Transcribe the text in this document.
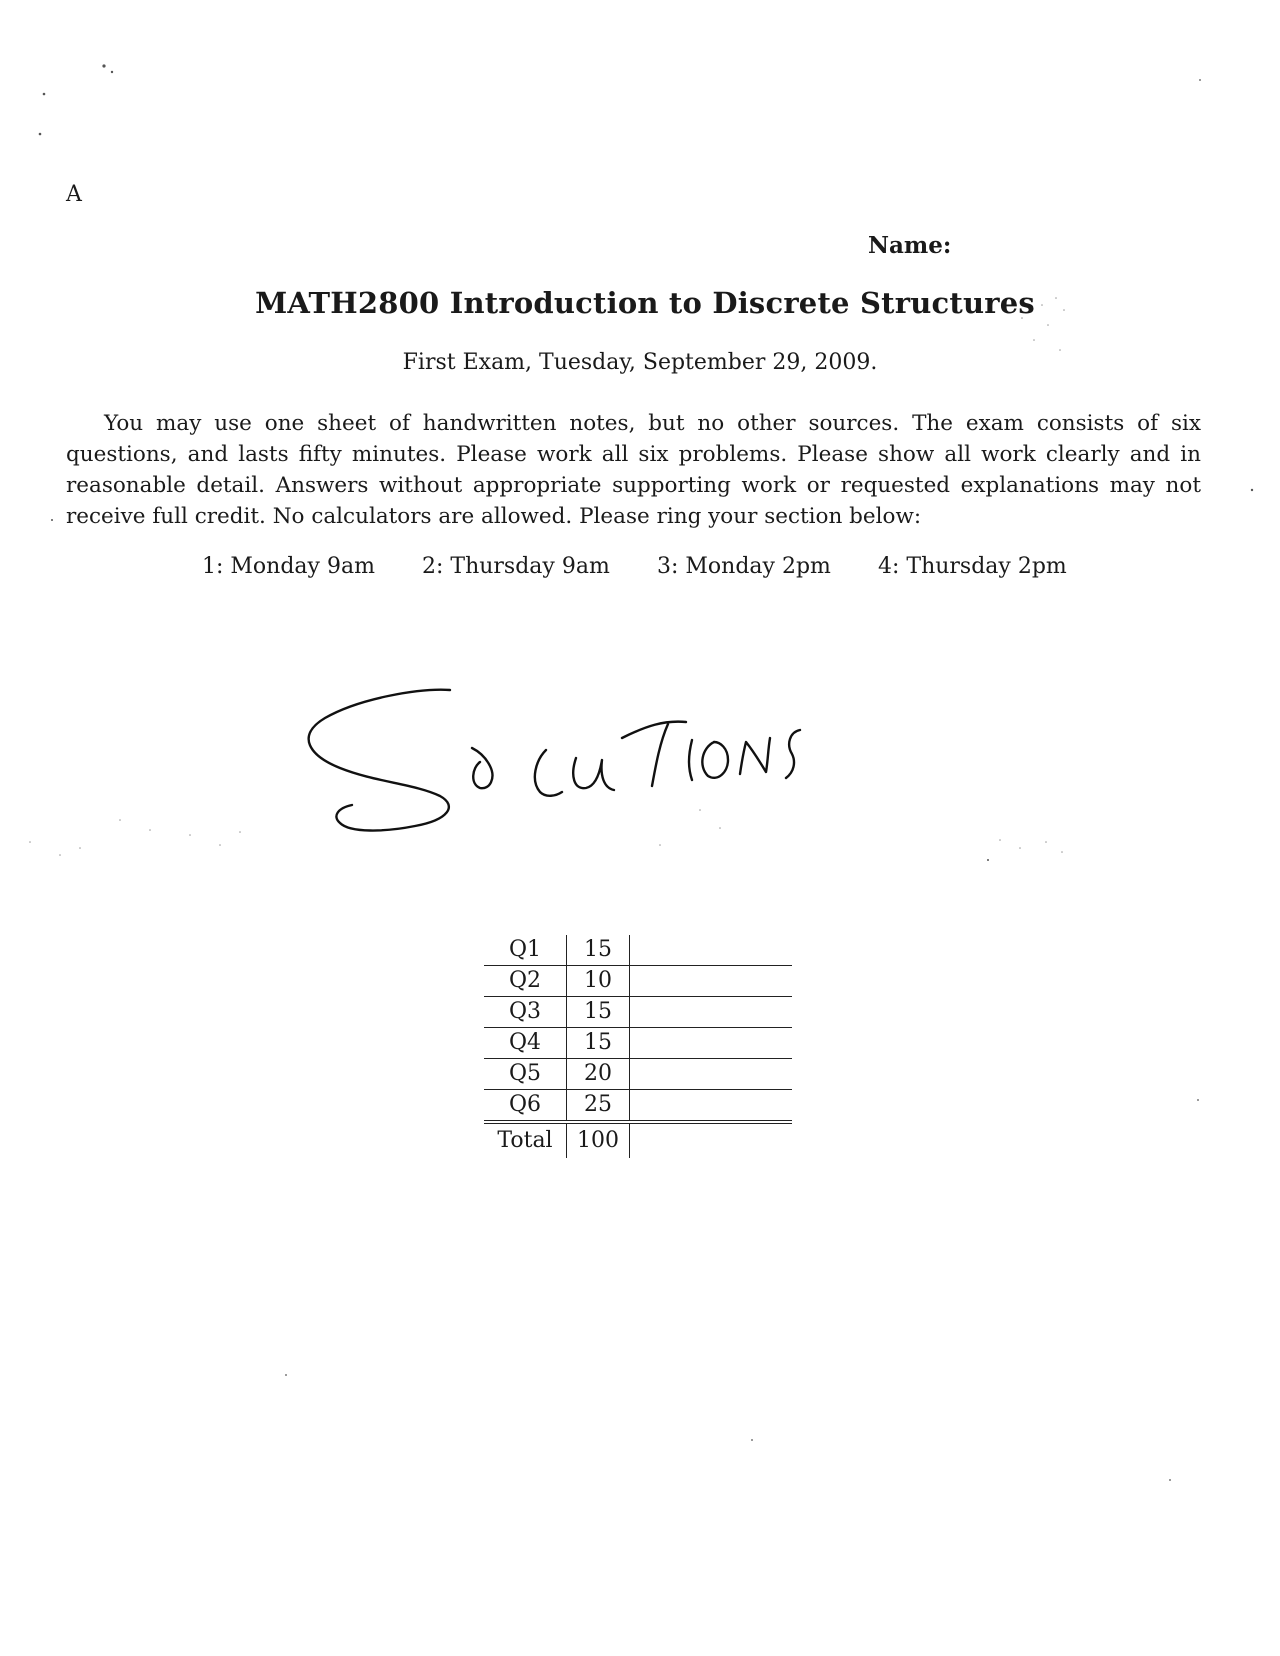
A
Name:
MATH2800 Introduction to Discrete Structures
First Exam, Tuesday, September 29, 2009.

You may use one sheet of handwritten notes, but no other sources. The exam consists of six questions, and lasts fifty minutes. Please work all six problems. Please show all work clearly and in reasonable detail. Answers without appropriate supporting work or requested explanations may not receive full credit. No calculators are allowed. Please ring your section below:

1: Monday 9am 2: Thursday 9am 3: Monday 2pm 4: Thursday 2pm
Q1	15	
Q2	10	
Q3	15	
Q4	15	
Q5	20	
Q6	25	
Total	100	
